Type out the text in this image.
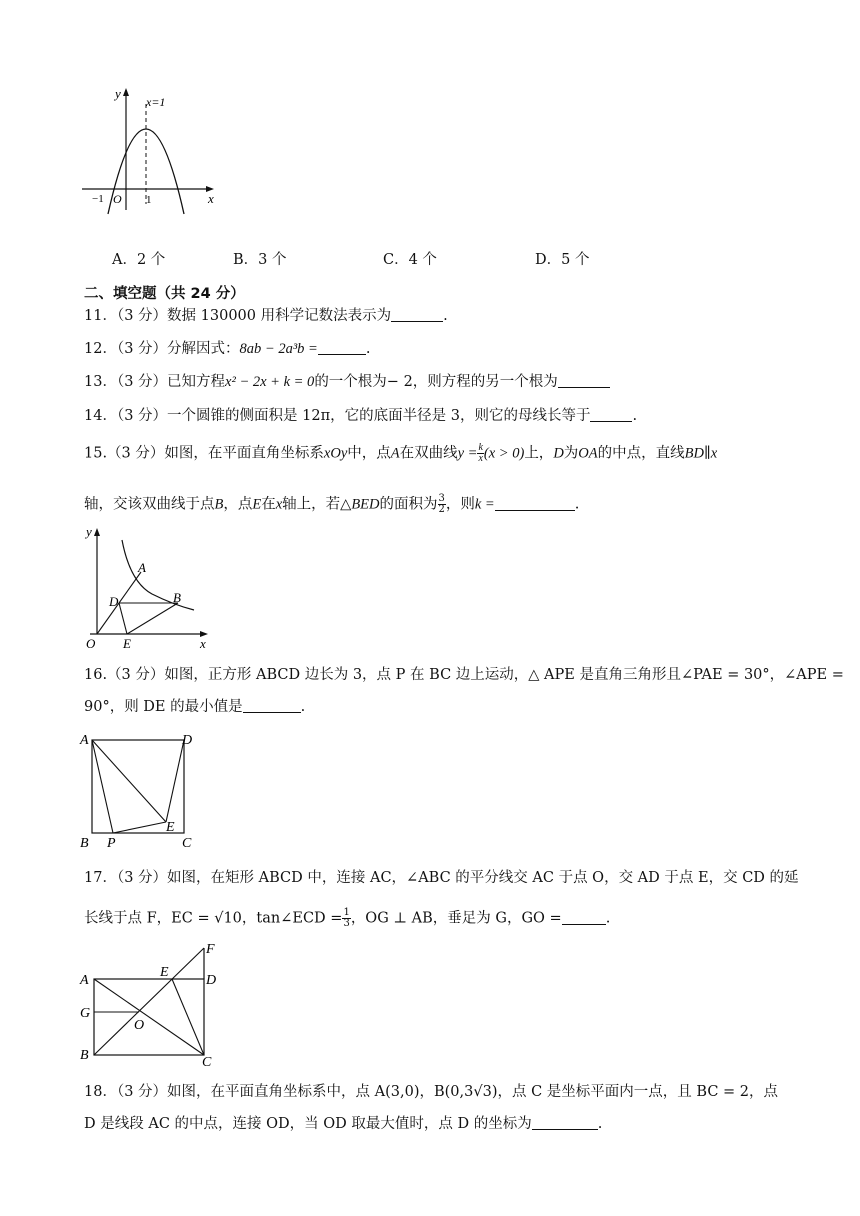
y
x=1
x
O
−1	1
A．2 个	B．3 个	C．4 个	D．5 个
二、填空题（共 24 分）
11．（3 分）数据 130000 用科学记数法表示为	.
12．（3 分）分解因式：8ab − 2a³b =	.
13．（3 分）已知方程x² − 2x + k = 0的一个根为− 2，则方程的另一个根为
14．（3 分）一个圆锥的侧面积是 12π，它的底面半径是 3，则它的母线长等于	.
15.（3 分）如图，在平面直角坐标系xOy中，点A在双曲线$y = \frac{k}{x} (x > 0)$上，D为OA的中点，直线BD∥x
轴，交该双曲线于点B，点E在x轴上，若△BED的面积为 $\frac{3}{2}$ ，则k =	.
y
x
O
A
B
D
E
16.（3 分）如图，正方形 ABCD 边长为 3，点 P 在 BC 边上运动，△ APE 是直角三角形且∠PAE = 30°，∠APE =
90°，则 DE 的最小值是	.
A	D
B P
E
C
17．（3 分）如图，在矩形 ABCD 中，连接 AC，∠ABC 的平分线交 AC 于点 O，交 AD 于点 E，交 CD 的延
长线于点 F，EC = √10，tan∠ECD = $\frac{1}{3}$ ，OG ⊥ AB，垂足为 G，GO =	.
F
E
D
A
G
O
B	C
18．（3 分）如图，在平面直角坐标系中，点 A(3,0)，B(0,3√3)，点 C 是坐标平面内一点，且 BC = 2，点
D 是线段 AC 的中点，连接 OD，当 OD 取最大值时，点 D 的坐标为	.
